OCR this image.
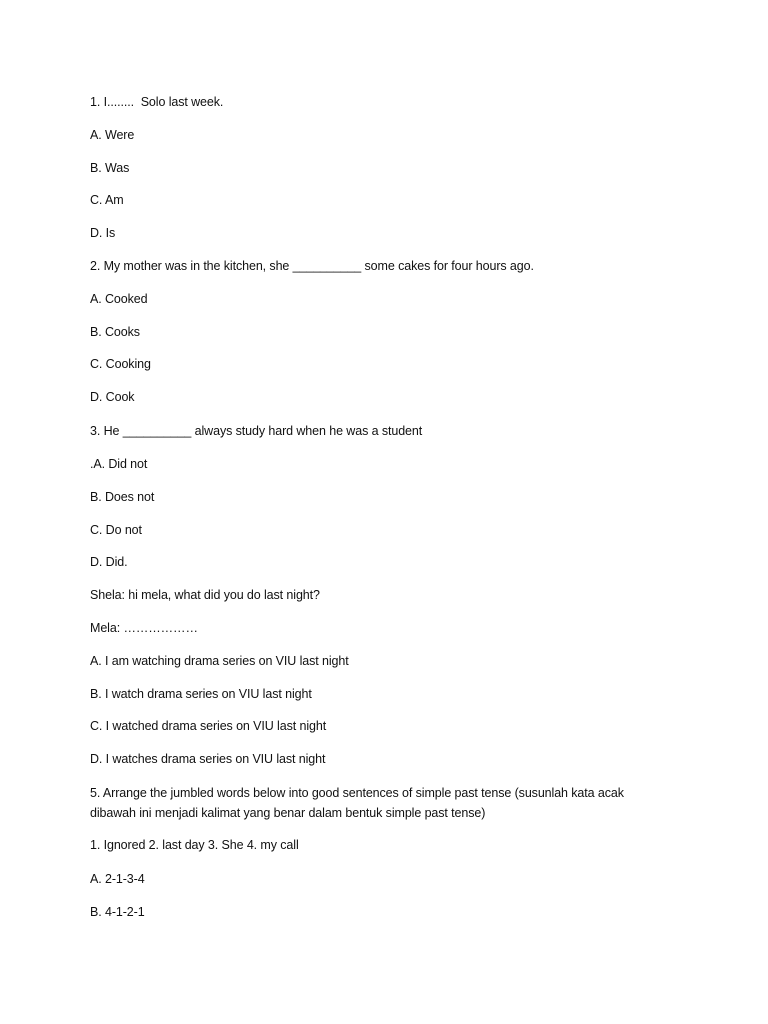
1. I........  Solo last week.
A. Were
B. Was
C. Am
D. Is
2. My mother was in the kitchen, she __________ some cakes for four hours ago.
A. Cooked
B. Cooks
C. Cooking
D. Cook
3. He __________ always study hard when he was a student
.A. Did not
B. Does not
C. Do not
D. Did.
Shela: hi mela, what did you do last night?
Mela: ………………
A. I am watching drama series on VIU last night
B. I watch drama series on VIU last night
C. I watched drama series on VIU last night
D. I watches drama series on VIU last night
5. Arrange the jumbled words below into good sentences of simple past tense (susunlah kata acak dibawah ini menjadi kalimat yang benar dalam bentuk simple past tense)
1. Ignored 2. last day 3. She 4. my call
A. 2-1-3-4
B. 4-1-2-1
